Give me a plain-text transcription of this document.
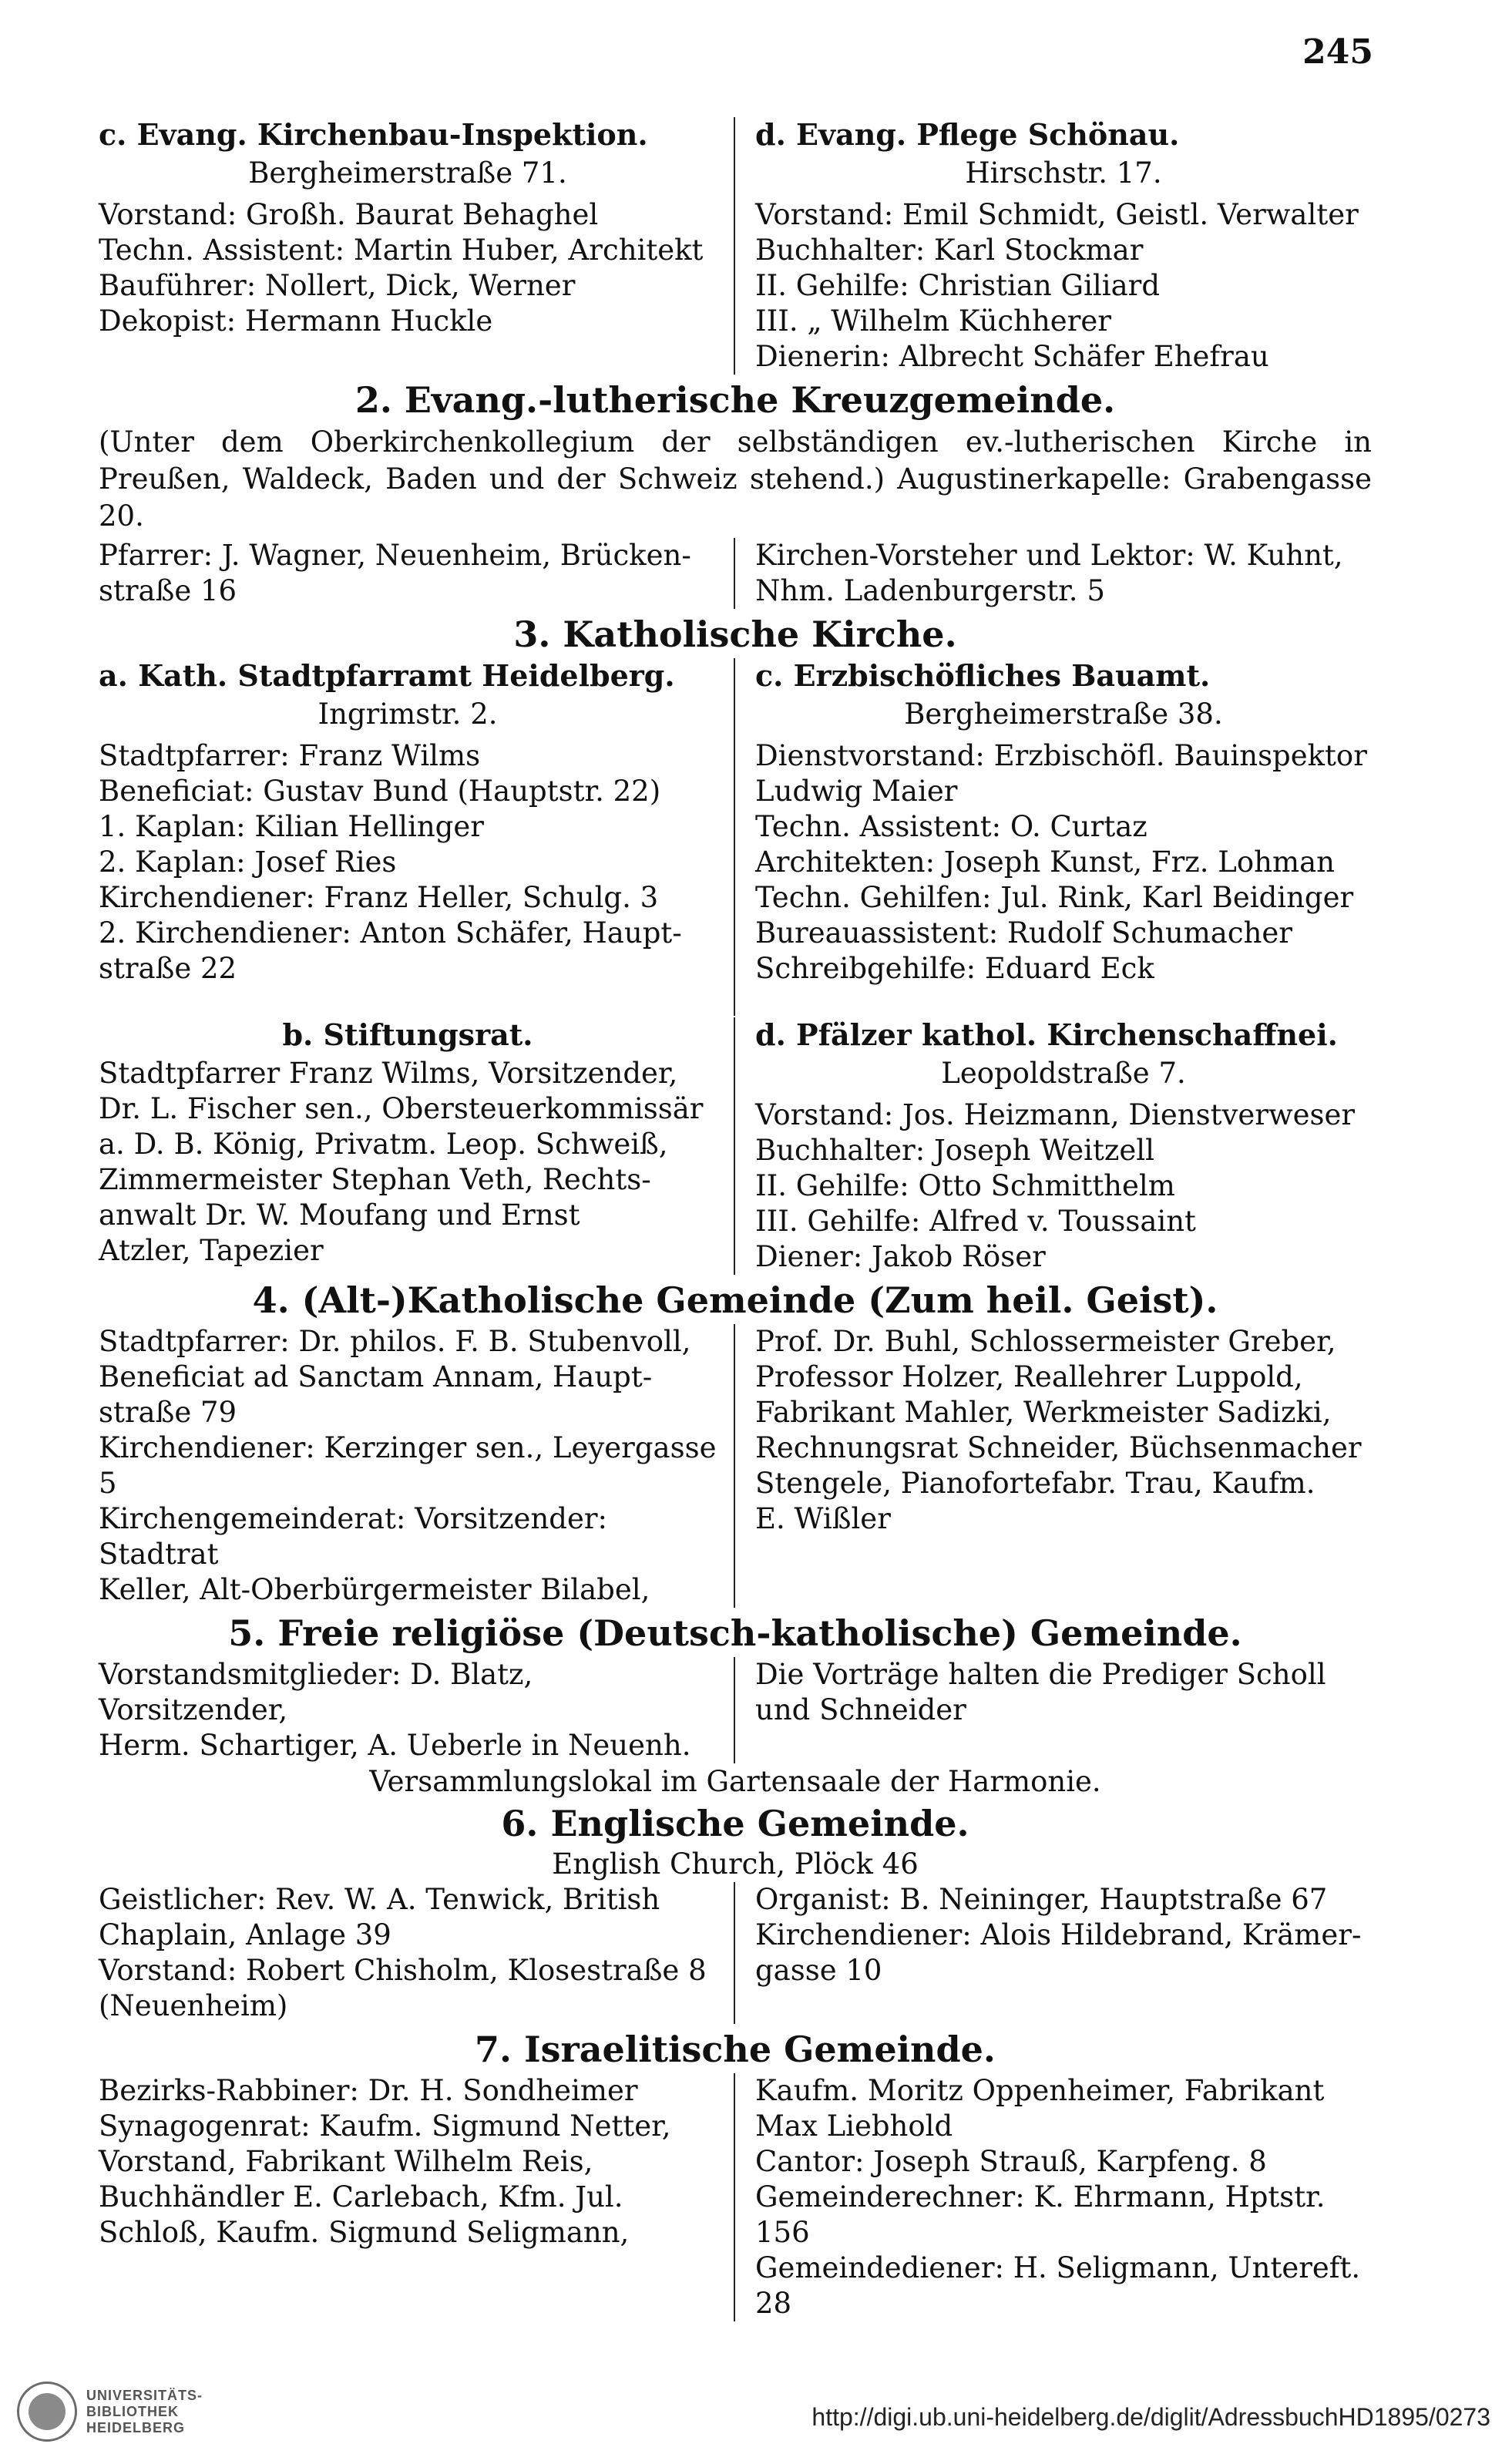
245
c. Evang. Kirchenbau-Inspektion.
Bergheimerstraße 71.

Vorstand: Großh. Baurat Behaghel

Techn. Assistent: Martin Huber, Architekt

Bauführer: Nollert, Dick, Werner

Dekopist: Hermann Huckle

d. Evang. Pflege Schönau.
Hirschstr. 17.

Vorstand: Emil Schmidt, Geistl. Verwalter

Buchhalter: Karl Stockmar

II. Gehilfe: Christian Giliard

III. „ Wilhelm Küchherer

Dienerin: Albrecht Schäfer Ehefrau

2. Evang.-lutherische Kreuzgemeinde.
(Unter dem Oberkirchenkollegium der selbständigen ev.-lutherischen Kirche in Preußen, Waldeck, Baden und der Schweiz stehend.) Augustinerkapelle: Grabengasse 20.

Pfarrer: J. Wagner, Neuenheim, Brücken-

straße 16

Kirchen-Vorsteher und Lektor: W. Kuhnt,

Nhm. Ladenburgerstr. 5

3. Katholische Kirche.
a. Kath. Stadtpfarramt Heidelberg.
Ingrimstr. 2.

Stadtpfarrer: Franz Wilms

Beneficiat: Gustav Bund (Hauptstr. 22)

1. Kaplan: Kilian Hellinger

2. Kaplan: Josef Ries

Kirchendiener: Franz Heller, Schulg. 3

2. Kirchendiener: Anton Schäfer, Haupt-

straße 22

c. Erzbischöfliches Bauamt.
Bergheimerstraße 38.

Dienstvorstand: Erzbischöfl. Bauinspektor

Ludwig Maier

Techn. Assistent: O. Curtaz

Architekten: Joseph Kunst, Frz. Lohman

Techn. Gehilfen: Jul. Rink, Karl Beidinger

Bureauassistent: Rudolf Schumacher

Schreibgehilfe: Eduard Eck

b. Stiftungsrat.

Stadtpfarrer Franz Wilms, Vorsitzender,

Dr. L. Fischer sen., Obersteuerkommissär

a. D. B. König, Privatm. Leop. Schweiß,

Zimmermeister Stephan Veth, Rechts-

anwalt Dr. W. Moufang und Ernst

Atzler, Tapezier

d. Pfälzer kathol. Kirchenschaffnei.
Leopoldstraße 7.

Vorstand: Jos. Heizmann, Dienstverweser

Buchhalter: Joseph Weitzell

II. Gehilfe: Otto Schmitthelm

III. Gehilfe: Alfred v. Toussaint

Diener: Jakob Röser

4. (Alt-)Katholische Gemeinde (Zum heil. Geist).

Stadtpfarrer: Dr. philos. F. B. Stubenvoll,

Beneficiat ad Sanctam Annam, Haupt-

straße 79

Kirchendiener: Kerzinger sen., Leyergasse 5

Kirchengemeinderat: Vorsitzender: Stadtrat

Keller, Alt-Oberbürgermeister Bilabel,

Prof. Dr. Buhl, Schlossermeister Greber,

Professor Holzer, Reallehrer Luppold,

Fabrikant Mahler, Werkmeister Sadizki,

Rechnungsrat Schneider, Büchsenmacher

Stengele, Pianofortefabr. Trau, Kaufm.

E. Wißler

5. Freie religiöse (Deutsch-katholische) Gemeinde.

Vorstandsmitglieder: D. Blatz, Vorsitzender,

Herm. Schartiger, A. Ueberle in Neuenh.

Die Vorträge halten die Prediger Scholl

und Schneider

Versammlungslokal im Gartensaale der Harmonie.
6. Englische Gemeinde.
English Church, Plöck 46

Geistlicher: Rev. W. A. Tenwick, British

Chaplain, Anlage 39

Vorstand: Robert Chisholm, Klosestraße 8

(Neuenheim)

Organist: B. Neininger, Hauptstraße 67

Kirchendiener: Alois Hildebrand, Krämer-

gasse 10

7. Israelitische Gemeinde.

Bezirks-Rabbiner: Dr. H. Sondheimer

Synagogenrat: Kaufm. Sigmund Netter,

Vorstand, Fabrikant Wilhelm Reis,

Buchhändler E. Carlebach, Kfm. Jul.

Schloß, Kaufm. Sigmund Seligmann,

Kaufm. Moritz Oppenheimer, Fabrikant

Max Liebhold

Cantor: Joseph Strauß, Karpfeng. 8

Gemeinderechner: K. Ehrmann, Hptstr. 156

Gemeindediener: H. Seligmann, Untereft. 28

UNIVERSITÄTS-
BIBLIOTHEK
HEIDELBERG	http://digi.ub.uni-heidelberg.de/diglit/AdressbuchHD1895/0273
